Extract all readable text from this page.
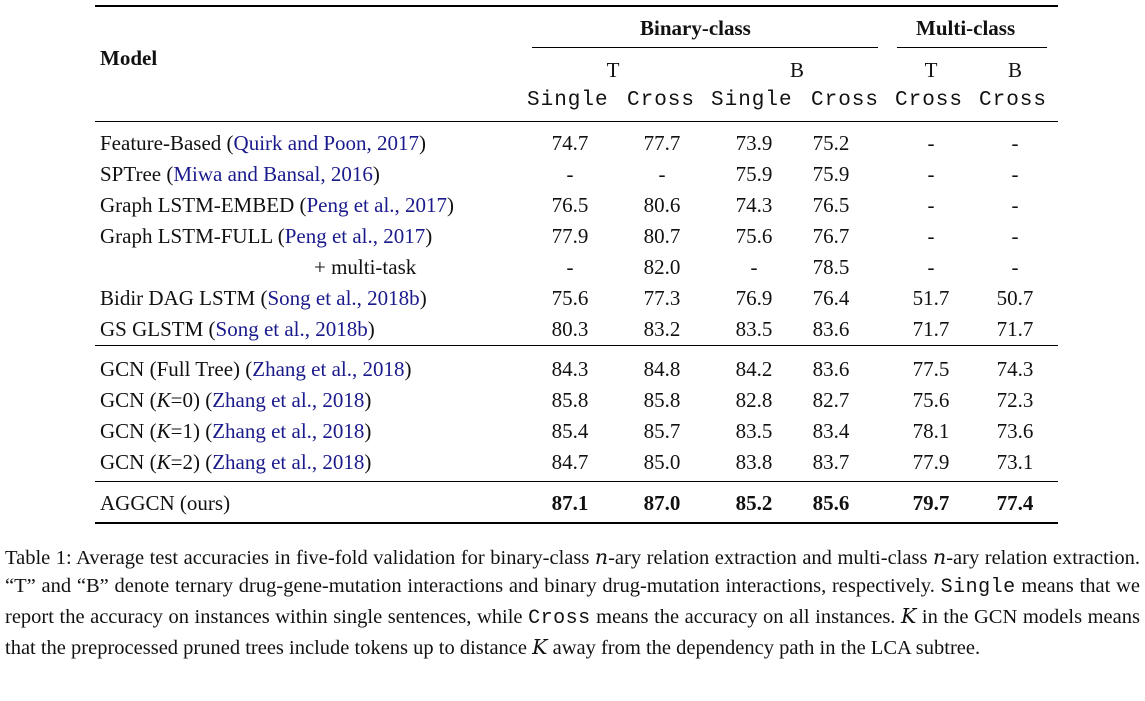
Model
Binary-class	Multi-class
T	B	T	B
Single Cross Single Cross Cross Cross
Feature-Based (Quirk and Poon, 2017)	74.7	77.7	73.9	75.2	-	-
SPTree (Miwa and Bansal, 2016)	-	-	75.9	75.9	-	-
Graph LSTM-EMBED (Peng et al., 2017)	76.5	80.6	74.3	76.5	-	-
Graph LSTM-FULL (Peng et al., 2017)	77.9	80.7	75.6	76.7	-	-
+ multi-task	-	82.0	-	78.5	-	-
Bidir DAG LSTM (Song et al., 2018b)	75.6	77.3	76.9	76.4	51.7	50.7
GS GLSTM (Song et al., 2018b)	80.3	83.2	83.5	83.6	71.7	71.7
GCN (Full Tree) (Zhang et al., 2018)	84.3	84.8	84.2	83.6	77.5	74.3
GCN (K=0) (Zhang et al., 2018)	85.8	85.8	82.8	82.7	75.6	72.3
GCN (K=1) (Zhang et al., 2018)	85.4	85.7	83.5	83.4	78.1	73.6
GCN (K=2) (Zhang et al., 2018)	84.7	85.0	83.8	83.7	77.9	73.1
AGGCN (ours)	87.1	87.0	85.2	85.6	79.7	77.4
Table 1: Average test accuracies in five-fold validation for binary-class n-ary relation extraction and multi-class n-ary relation extraction. “T” and “B” denote ternary drug-gene-mutation interactions and binary drug-mutation interactions, respectively. Single means that we report the accuracy on instances within single sentences, while Cross means the accuracy on all instances. K in the GCN models means that the preprocessed pruned trees include tokens up to distance K away from the dependency path in the LCA subtree.
